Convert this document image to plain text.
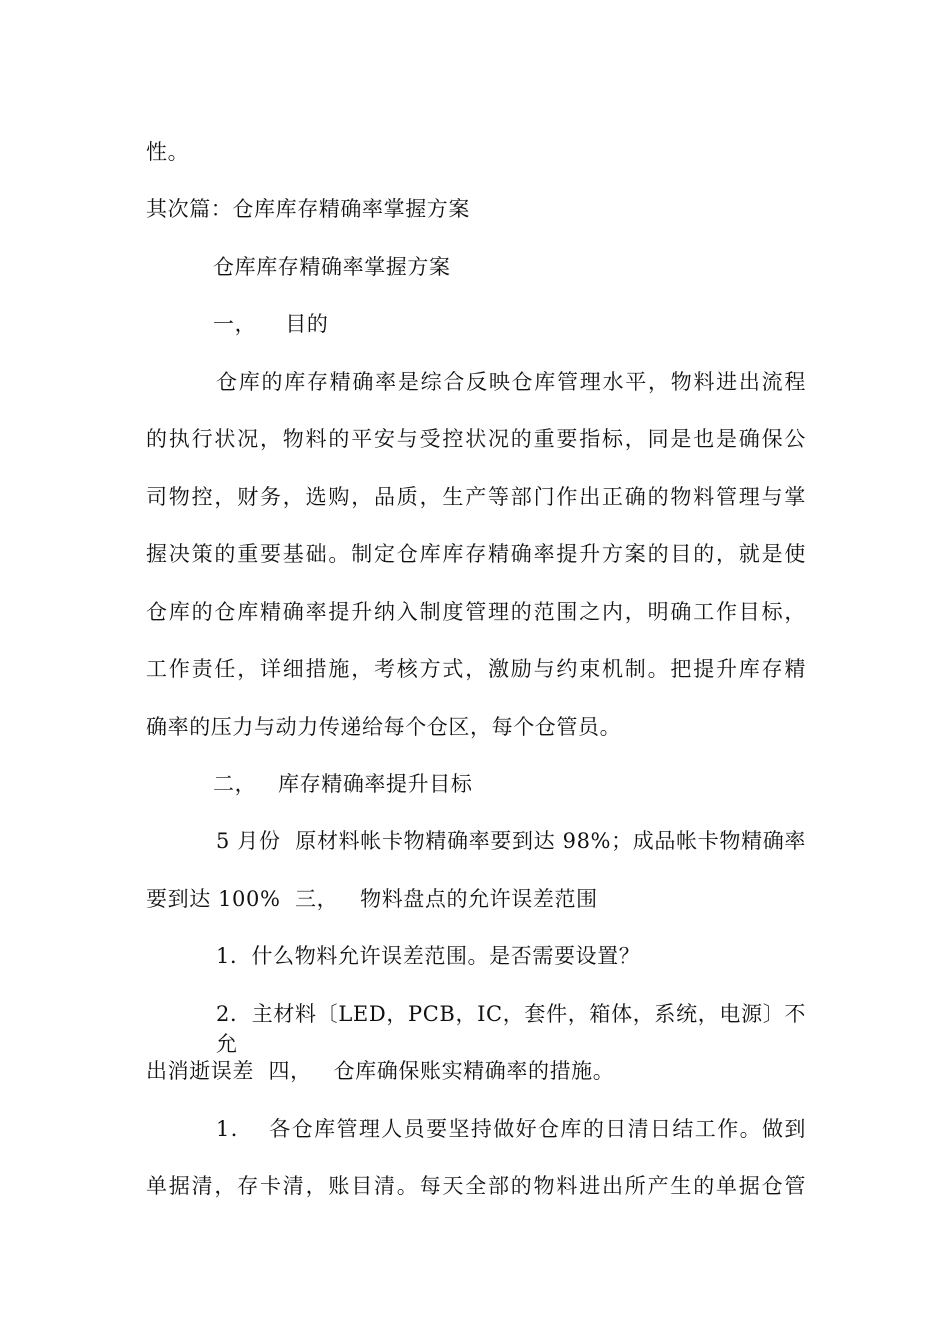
性。
其次篇：仓库库存精确率掌握方案
仓库库存精确率掌握方案
一，    目的
仓库的库存精确率是综合反映仓库管理水平，物料进出流程
的执行状况，物料的平安与受控状况的重要指标，同是也是确保公
司物控，财务，选购，品质，生产等部门作出正确的物料管理与掌
握决策的重要基础。制定仓库库存精确率提升方案的目的，就是使
仓库的仓库精确率提升纳入制度管理的范围之内，明确工作目标，
工作责任，详细措施，考核方式，激励与约束机制。把提升库存精
确率的压力与动力传递给每个仓区，每个仓管员。
二，   库存精确率提升目标
5 月份  原材料帐卡物精确率要到达 98%；成品帐卡物精确率
要到达 100%  三，   物料盘点的允许误差范围
1．什么物料允许误差范围。是否需要设置？
2．主材料〔LED，PCB，IC，套件，箱体，系统，电源〕不允
出消逝误差  四，   仓库确保账实精确率的措施。
1．  各仓库管理人员要坚持做好仓库的日清日结工作。做到
单据清，存卡清，账目清。每天全部的物料进出所产生的单据仓管
